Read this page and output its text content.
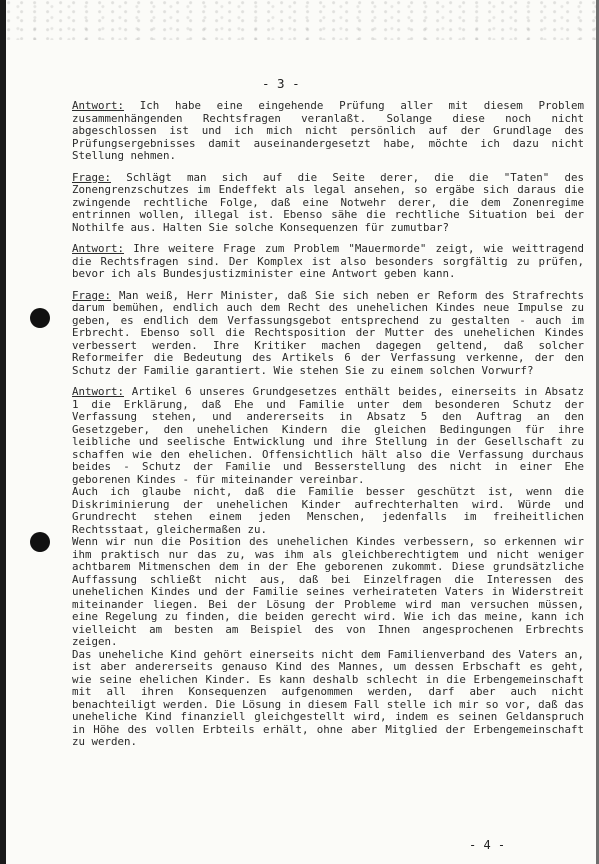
- 3 -

Antwort: Ich habe eine eingehende Prüfung aller mit diesem Problem zusammenhängenden Rechtsfragen veranlaßt. Solange diese noch nicht abgeschlossen ist und ich mich nicht persönlich auf der Grundlage des Prüfungsergebnisses damit auseinandergesetzt habe, möchte ich dazu nicht Stellung nehmen.

Frage: Schlägt man sich auf die Seite derer, die die "Taten" des Zonengrenzschutzes im Endeffekt als legal ansehen, so ergäbe sich daraus die zwingende rechtliche Folge, daß eine Notwehr derer, die dem Zonenregime entrinnen wollen, illegal ist. Ebenso sähe die rechtliche Situation bei der Nothilfe aus. Halten Sie solche Konsequenzen für zumutbar?

Antwort: Ihre weitere Frage zum Problem "Mauermorde" zeigt, wie weittragend die Rechtsfragen sind. Der Komplex ist also besonders sorgfältig zu prüfen, bevor ich als Bundesjustizminister eine Antwort geben kann.

Frage: Man weiß, Herr Minister, daß Sie sich neben er Reform des Strafrechts darum bemühen, endlich auch dem Recht des unehelichen Kindes neue Impulse zu geben, es endlich dem Verfassungsgebot entsprechend zu gestalten - auch im Erbrecht. Ebenso soll die Rechtsposition der Mutter des unehelichen Kindes verbessert werden. Ihre Kritiker machen dagegen geltend, daß solcher Reformeifer die Bedeutung des Artikels 6 der Verfassung verkenne, der den Schutz der Familie garantiert. Wie stehen Sie zu einem solchen Vorwurf?

Antwort: Artikel 6 unseres Grundgesetzes enthält beides, einerseits in Absatz 1 die Erklärung, daß Ehe und Familie unter dem besonderen Schutz der Verfassung stehen, und andererseits in Absatz 5 den Auftrag an den Gesetzgeber, den unehelichen Kindern die gleichen Bedingungen für ihre leibliche und seelische Entwicklung und ihre Stellung in der Gesellschaft zu schaffen wie den ehelichen. Offensichtlich hält also die Verfassung durchaus beides - Schutz der Familie und Besserstellung des nicht in einer Ehe geborenen Kindes - für miteinander vereinbar.

Auch ich glaube nicht, daß die Familie besser geschützt ist, wenn die Diskriminierung der unehelichen Kinder aufrechterhalten wird. Würde und Grundrecht stehen einem jeden Menschen, jedenfalls im freiheitlichen Rechtsstaat, gleichermaßen zu.

Wenn wir nun die Position des unehelichen Kindes verbessern, so erkennen wir ihm praktisch nur das zu, was ihm als gleichberechtigtem und nicht weniger achtbarem Mitmenschen dem in der Ehe geborenen zukommt. Diese grundsätzliche Auffassung schließt nicht aus, daß bei Einzelfragen die Interessen des unehelichen Kindes und der Familie seines verheirateten Vaters in Widerstreit miteinander liegen. Bei der Lösung der Probleme wird man versuchen müssen, eine Regelung zu finden, die beiden gerecht wird. Wie ich das meine, kann ich vielleicht am besten am Beispiel des von Ihnen angesprochenen Erbrechts zeigen.

Das uneheliche Kind gehört einerseits nicht dem Familienverband des Vaters an, ist aber andererseits genauso Kind des Mannes, um dessen Erbschaft es geht, wie seine ehelichen Kinder. Es kann deshalb schlecht in die Erbengemeinschaft mit all ihren Konsequenzen aufgenommen werden, darf aber auch nicht benachteiligt werden. Die Lösung in diesem Fall stelle ich mir so vor, daß das uneheliche Kind finanziell gleichgestellt wird, indem es seinen Geldanspruch in Höhe des vollen Erbteils erhält, ohne aber Mitglied der Erbengemeinschaft zu werden.

- 4 -
